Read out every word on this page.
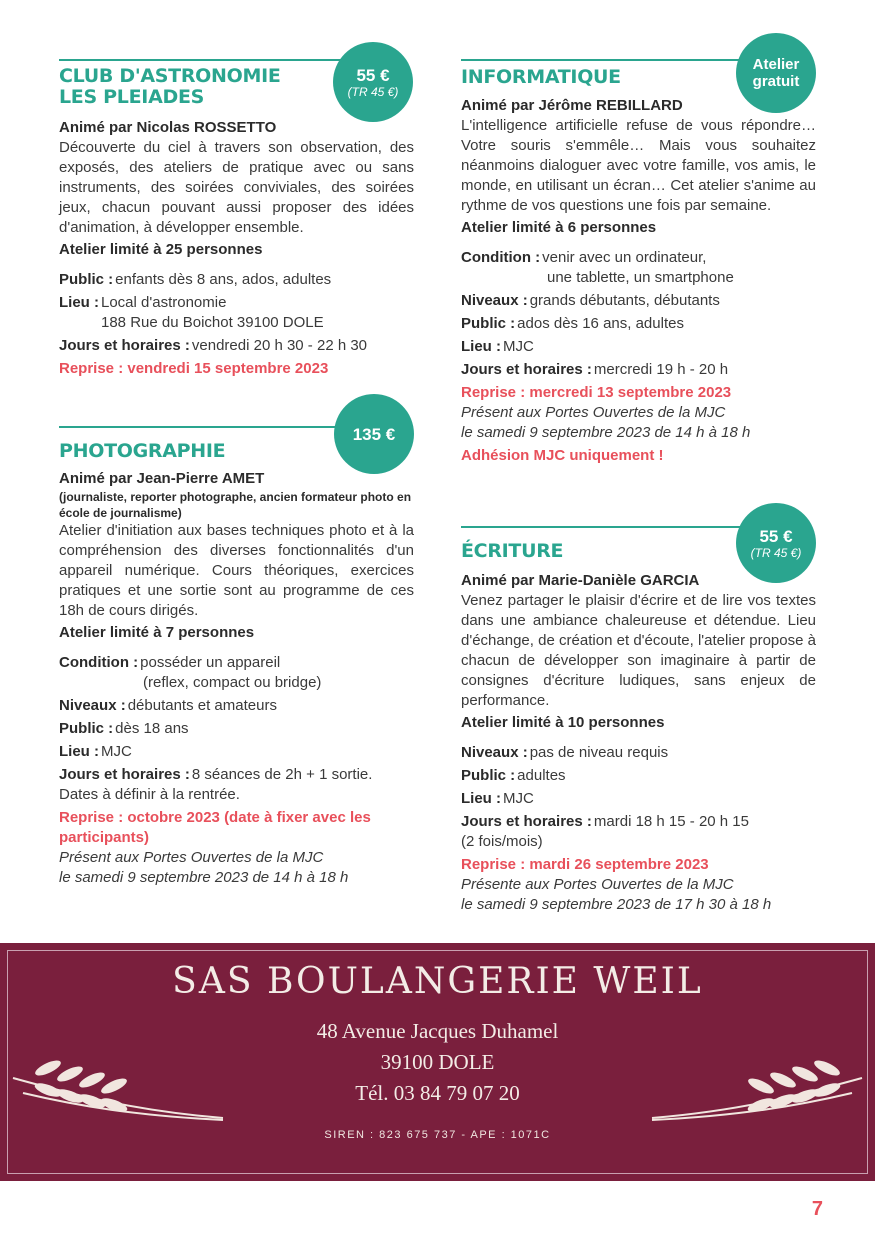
55 €
(TR 45 €)
CLUB D'ASTRONOMIE
LES PLEIADES
Animé par Nicolas ROSSETTO
Découverte du ciel à travers son observation, des exposés, des ateliers de pratique avec ou sans instruments, des soirées conviviales, des soirées jeux, chacun pouvant aussi proposer des idées d'animation, à développer ensemble.
Atelier limité à 25 personnes
Public : enfants dès 8 ans, ados, adultes
Lieu : Local d'astronomie
188 Rue du Boichot 39100 DOLE
Jours et horaires : vendredi 20 h 30 - 22 h 30
Reprise : vendredi 15 septembre 2023
135 €
PHOTOGRAPHIE
Animé par Jean-Pierre AMET
(journaliste, reporter photographe, ancien formateur photo en école de journalisme)
Atelier d'initiation aux bases techniques photo et à la compréhension des diverses fonctionnalités d'un appareil numérique. Cours théoriques, exercices pratiques et une sortie sont au programme de ces 18h de cours dirigés.
Atelier limité à 7 personnes
Condition : posséder un appareil
(reflex, compact ou bridge)
Niveaux : débutants et amateurs
Public : dès 18 ans
Lieu : MJC
Jours et horaires : 8 séances de 2h + 1 sortie.
Dates à définir à la rentrée.
Reprise : octobre 2023 (date à fixer avec les participants)
Présent aux Portes Ouvertes de la MJC
le samedi 9 septembre 2023 de 14 h à 18 h
Atelier
gratuit
INFORMATIQUE
Animé par Jérôme REBILLARD
L'intelligence artificielle refuse de vous répondre… Votre souris s'emmêle… Mais vous souhaitez néanmoins dialoguer avec votre famille, vos amis, le monde, en utilisant un écran… Cet atelier s'anime au rythme de vos questions une fois par semaine.
Atelier limité à 6 personnes
Condition : venir avec un ordinateur,
une tablette, un smartphone
Niveaux : grands débutants, débutants
Public : ados dès 16 ans, adultes
Lieu : MJC
Jours et horaires : mercredi 19 h - 20 h
Reprise : mercredi 13 septembre 2023
Présent aux Portes Ouvertes de la MJC
le samedi 9 septembre 2023 de 14 h à 18 h
Adhésion MJC uniquement !
55 €
(TR 45 €)
ÉCRITURE
Animé par Marie-Danièle GARCIA
Venez partager le plaisir d'écrire et de lire vos textes dans une ambiance chaleureuse et détendue. Lieu d'échange, de création et d'écoute, l'atelier propose à chacun de développer son imaginaire à partir de consignes d'écriture ludiques, sans enjeux de performance.
Atelier limité à 10 personnes
Niveaux : pas de niveau requis
Public : adultes
Lieu : MJC
Jours et horaires : mardi 18 h 15 - 20 h 15
(2 fois/mois)
Reprise : mardi 26 septembre 2023
Présente aux Portes Ouvertes de la MJC
le samedi 9 septembre 2023 de 17 h 30 à 18 h
SAS BOULANGERIE WEIL
48 Avenue Jacques Duhamel
39100 DOLE
Tél. 03 84 79 07 20
SIREN : 823 675 737 - APE : 1071C
7
